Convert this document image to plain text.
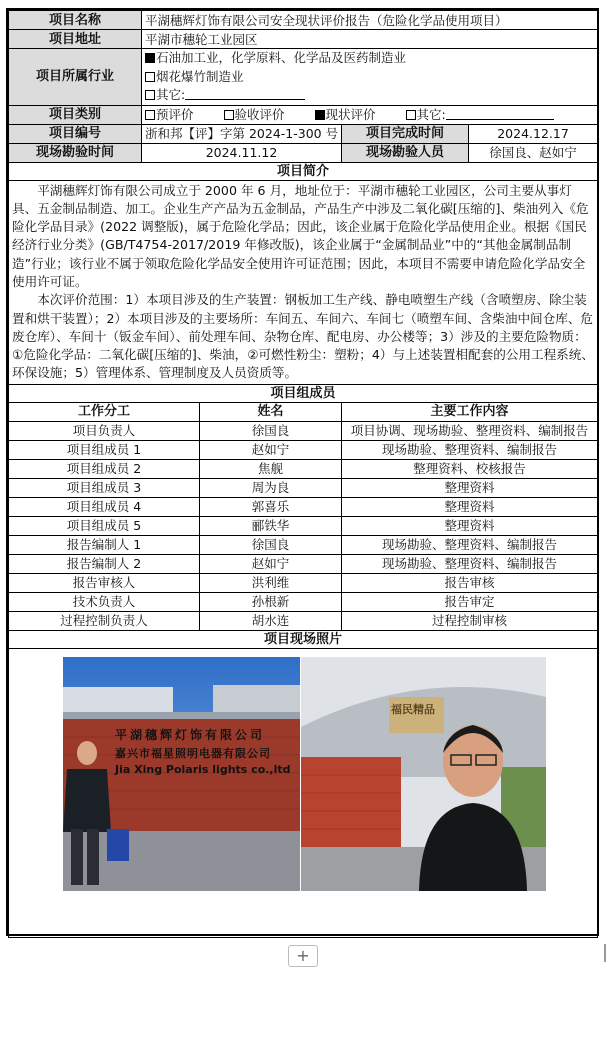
项目名称	平湖穗辉灯饰有限公司安全现状评价报告（危险化学品使用项目）			
项目地址	平湖市穗轮工业园区			
项目所属行业	石油加工业，化学原料、化学品及医药制造业
烟花爆竹制造业
其它:			

项目类别	预评价 验收评价 现状评价 其它:			
项目编号	浙和邦【评】字第 2024-1-300 号		项目完成时间	2024.12.17
现场勘验时间	2024.11.12		现场勘验人员	徐国良、赵如宁
项目简介				

平湖穗辉灯饰有限公司成立于 2000 年 6 月，地址位于：平湖市穗轮工业园区，公司主要从事灯具、五金制品制造、加工。企业生产产品为五金制品，产品生产中涉及二氧化碳[压缩的]、柴油列入《危险化学品目录》(2022 调整版)，属于危险化学品；因此，该企业属于危险化学品使用企业。根据《国民经济行业分类》(GB/T4754-2017/2019 年修改版)，该企业属于“金属制品业”中的“其他金属制品制造”行业；该行业不属于领取危险化学品安全使用许可证范围；因此，本项目不需要申请危险化学品安全使用许可证。

本次评价范围：1）本项目涉及的生产装置：钢板加工生产线、静电喷塑生产线（含喷塑房、除尘装置和烘干装置）；2）本项目涉及的主要场所：车间五、车间六、车间七（喷塑车间、含柴油中间仓库、危废仓库）、车间十（钣金车间）、前处理车间、杂物仓库、配电房、办公楼等；3）涉及的主要危险物质：①危险化学品：二氧化碳[压缩的]、柴油，②可燃性粉尘：塑粉；4）与上述装置相配套的公用工程系统、环保设施；5）管理体系、管理制度及人员资质等。				

项目组成员				
工作分工		姓名	主要工作内容	
项目负责人		徐国良	项目协调、现场勘验、整理资料、编制报告	
项目组成员 1		赵如宁	现场勘验、整理资料、编制报告	
项目组成员 2		焦舰	整理资料、校核报告	
项目组成员 3		周为良	整理资料	
项目组成员 4		郭喜乐	整理资料	
项目组成员 5		郦铁华	整理资料	
报告编制人 1		徐国良	现场勘验、整理资料、编制报告	
报告编制人 2		赵如宁	现场勘验、整理资料、编制报告	
报告审核人		洪利维	报告审核	
技术负责人		孙根新	报告审定	
过程控制负责人		胡水连	过程控制审核	
项目现场照片				

平湖穗辉灯饰有限公司
嘉兴市福星照明电器有限公司
Jia Xing Polaris lights co.,ltd
福民精品				
+
